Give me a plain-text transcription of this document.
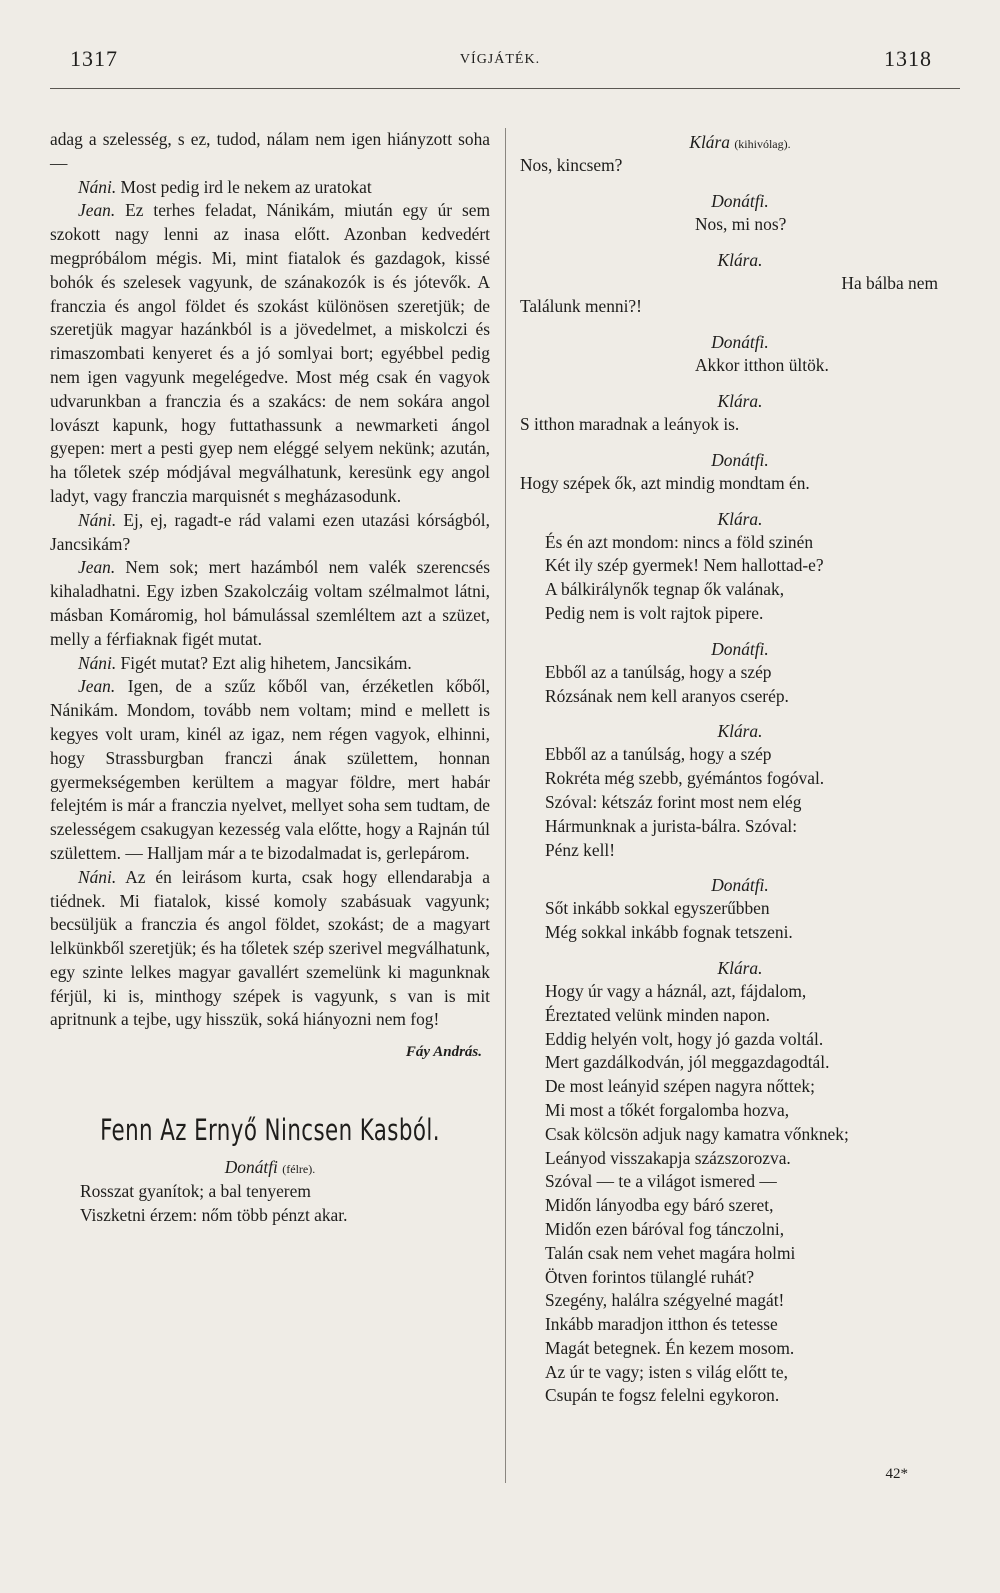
1317	VÍGJÁTÉK.	1318

adag a szelesség, s ez, tudod, nálam nem igen hiányzott soha —

Náni. Most pedig ird le nekem az uratokat

Jean. Ez terhes feladat, Nánikám, miután egy úr sem szokott nagy lenni az inasa előtt. Azonban kedvedért megpróbálom mégis. Mi, mint fiatalok és gazdagok, kissé bohók és szelesek vagyunk, de szánakozók is és jótevők. A franczia és angol földet és szokást különösen szeretjük; de szeretjük magyar hazánkból is a jövedelmet, a miskolczi és rimaszombati kenyeret és a jó somlyai bort; egyébbel pedig nem igen vagyunk megelégedve. Most még csak én vagyok udvarunkban a franczia és a szakács: de nem sokára angol lovászt kapunk, hogy futtathassunk a newmarketi ángol gyepen: mert a pesti gyep nem eléggé selyem nekünk; azután, ha tőletek szép módjával megválhatunk, keresünk egy angol ladyt, vagy franczia marquisnét s megházasodunk.

Náni. Ej, ej, ragadt-e rád valami ezen utazási kórságból, Jancsikám?

Jean. Nem sok; mert hazámból nem valék szerencsés kihaladhatni. Egy izben Szakolczáig voltam szélmalmot látni, másban Komáromig, hol bámulással szemléltem azt a szüzet, melly a férfiaknak figét mutat.

Náni. Figét mutat? Ezt alig hihetem, Jancsikám.

Jean. Igen, de a szűz kőből van, érzéketlen kőből, Nánikám. Mondom, tovább nem voltam; mind e mellett is kegyes volt uram, kinél az igaz, nem régen vagyok, elhinni, hogy Strassburgban franczi ának születtem, honnan gyermekségemben kerültem a magyar földre, mert habár felejtém is már a franczia nyelvet, mellyet soha sem tudtam, de szelességem csakugyan kezesség vala előtte, hogy a Rajnán túl születtem. — Halljam már a te bizodalmadat is, gerlepárom.

Náni. Az én leirásom kurta, csak hogy ellendarabja a tiédnek. Mi fiatalok, kissé komoly szabásuak vagyunk; becsüljük a franczia és angol földet, szokást; de a magyart lelkünkből szeretjük; és ha tőletek szép szerivel megválhatunk, egy szinte lelkes magyar gavallért szemelünk ki magunknak férjül, ki is, minthogy szépek is vagyunk, s van is mit apritnunk a tejbe, ugy hisszük, soká hiányozni nem fog!

Fáy András.
Fenn Az Ernyő Nincsen Kasból.
Donátfi (félre).
Rosszat gyanítok; a bal tenyerem
Viszketni érzem: nőm több pénzt akar.
Klára (kihivólag).
Nos, kincsem?
Donátfi.
Nos, mi nos?
Klára.
Ha bálba nem
Találunk menni?!
Donátfi.
Akkor itthon ültök.
Klára.
S itthon maradnak a leányok is.
Donátfi.
Hogy szépek ők, azt mindig mondtam én.
Klára.
És én azt mondom: nincs a föld szinén
Két ily szép gyermek! Nem hallottad-e?
A bálkirálynők tegnap ők valának,
Pedig nem is volt rajtok pipere.
Donátfi.
Ebből az a tanúlság, hogy a szép
Rózsának nem kell aranyos cserép.
Klára.
Ebből az a tanúlság, hogy a szép
Rokréta még szebb, gyémántos fogóval.
Szóval: kétszáz forint most nem elég
Hármunknak a jurista-bálra. Szóval:
Pénz kell!
Donátfi.
Sőt inkább sokkal egyszerűbben
Még sokkal inkább fognak tetszeni.
Klára.
Hogy úr vagy a háznál, azt, fájdalom,
Éreztated velünk minden napon.
Eddig helyén volt, hogy jó gazda voltál.
Mert gazdálkodván, jól meggazdagodtál.
De most leányid szépen nagyra nőttek;
Mi most a tőkét forgalomba hozva,
Csak kölcsön adjuk nagy kamatra vőnknek;
Leányod visszakapja százszorozva.
Szóval — te a világot ismered —
Midőn lányodba egy báró szeret,
Midőn ezen báróval fog tánczolni,
Talán csak nem vehet magára holmi
Ötven forintos tülanglé ruhát?
Szegény, halálra szégyelné magát!
Inkább maradjon itthon és tetesse
Magát betegnek. Én kezem mosom.
Az úr te vagy; isten s világ előtt te,
Csupán te fogsz felelni egykoron.
42*
